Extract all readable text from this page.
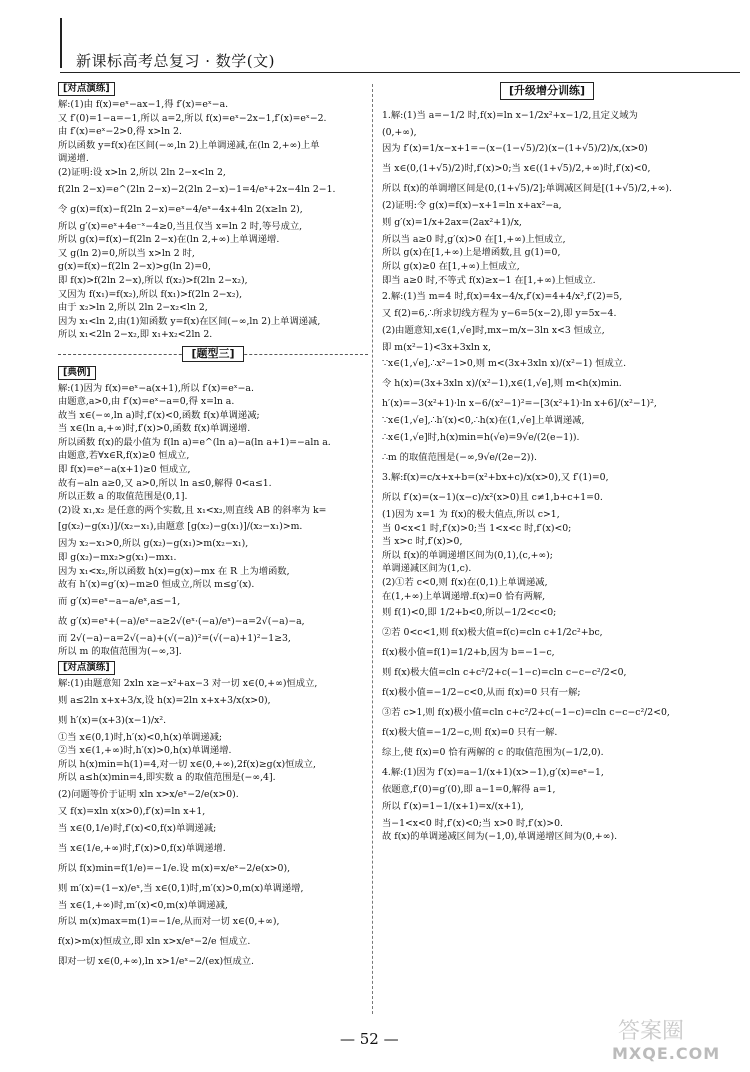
新课标高考总复习 · 数学(文)
[对点演练]
解:(1)由 f(x)=eˣ−ax−1,得 f′(x)=eˣ−a.
又 f′(0)=1−a=−1,所以 a=2,所以 f(x)=eˣ−2x−1,f′(x)=eˣ−2.
由 f′(x)=eˣ−2>0,得 x>ln 2.
所以函数 y=f(x)在区间(−∞,ln 2)上单调递减,在(ln 2,+∞)上单
调递增.
(2)证明:设 x>ln 2,所以 2ln 2−x<ln 2,
f(2ln 2−x)=e^(2ln 2−x)−2(2ln 2−x)−1=4/eˣ+2x−4ln 2−1.
令 g(x)=f(x)−f(2ln 2−x)=eˣ−4/eˣ−4x+4ln 2(x≥ln 2),
所以 g′(x)=eˣ+4e⁻ˣ−4≥0,当且仅当 x=ln 2 时,等号成立,
所以 g(x)=f(x)−f(2ln 2−x)在(ln 2,+∞)上单调递增.
又 g(ln 2)=0,所以当 x>ln 2 时,
g(x)=f(x)−f(2ln 2−x)>g(ln 2)=0,
即 f(x)>f(2ln 2−x),所以 f(x₂)>f(2ln 2−x₂),
又因为 f(x₁)=f(x₂),所以 f(x₁)>f(2ln 2−x₂),
由于 x₂>ln 2,所以 2ln 2−x₂<ln 2,
因为 x₁<ln 2,由(1)知函数 y=f(x)在区间(−∞,ln 2)上单调递减,
所以 x₁<2ln 2−x₂,即 x₁+x₂<2ln 2.
[题型三]
[典例]
解:(1)因为 f(x)=eˣ−a(x+1),所以 f′(x)=eˣ−a.
由题意,a>0,由 f′(x)=eˣ−a=0,得 x=ln a.
故当 x∈(−∞,ln a)时,f′(x)<0,函数 f(x)单调递减;
当 x∈(ln a,+∞)时,f′(x)>0,函数 f(x)单调递增.
所以函数 f(x)的最小值为 f(ln a)=e^(ln a)−a(ln a+1)=−aln a.
由题意,若∀x∈R,f(x)≥0 恒成立,
即 f(x)=eˣ−a(x+1)≥0 恒成立,
故有−aln a≥0,又 a>0,所以 ln a≤0,解得 0<a≤1.
所以正数 a 的取值范围是(0,1].
(2)设 x₁,x₂ 是任意的两个实数,且 x₁<x₂,则直线 AB 的斜率为 k=
[g(x₂)−g(x₁)]/(x₂−x₁),由题意 [g(x₂)−g(x₁)]/(x₂−x₁)>m.
因为 x₂−x₁>0,所以 g(x₂)−g(x₁)>m(x₂−x₁),
即 g(x₂)−mx₂>g(x₁)−mx₁.
因为 x₁<x₂,所以函数 h(x)=g(x)−mx 在 R 上为增函数,
故有 h′(x)=g′(x)−m≥0 恒成立,所以 m≤g′(x).
而 g′(x)=eˣ−a−a/eˣ,a≤−1,
故 g′(x)=eˣ+(−a)/eˣ−a≥2√(eˣ·(−a)/eˣ)−a=2√(−a)−a,
而 2√(−a)−a=2√(−a)+(√(−a))²=(√(−a)+1)²−1≥3,
所以 m 的取值范围为(−∞,3].
[对点演练]
解:(1)由题意知 2xln x≥−x²+ax−3 对一切 x∈(0,+∞)恒成立,
则 a≤2ln x+x+3/x,设 h(x)=2ln x+x+3/x(x>0),
则 h′(x)=(x+3)(x−1)/x².
①当 x∈(0,1)时,h′(x)<0,h(x)单调递减;
②当 x∈(1,+∞)时,h′(x)>0,h(x)单调递增.
所以 h(x)min=h(1)=4,对一切 x∈(0,+∞),2f(x)≥g(x)恒成立,
所以 a≤h(x)min=4,即实数 a 的取值范围是(−∞,4].
(2)问题等价于证明 xln x>x/eˣ−2/e(x>0).
又 f(x)=xln x(x>0),f′(x)=ln x+1,
当 x∈(0,1/e)时,f′(x)<0,f(x)单调递减;
当 x∈(1/e,+∞)时,f′(x)>0,f(x)单调递增.
所以 f(x)min=f(1/e)=−1/e.设 m(x)=x/eˣ−2/e(x>0),
则 m′(x)=(1−x)/eˣ,当 x∈(0,1)时,m′(x)>0,m(x)单调递增,
当 x∈(1,+∞)时,m′(x)<0,m(x)单调递减,
所以 m(x)max=m(1)=−1/e,从而对一切 x∈(0,+∞),
f(x)>m(x)恒成立,即 xln x>x/eˣ−2/e 恒成立.
即对一切 x∈(0,+∞),ln x>1/eˣ−2/(ex)恒成立.
[升级增分训练]
1.解:(1)当 a=−1/2 时,f(x)=ln x−1/2x²+x−1/2,且定义域为
(0,+∞),
因为 f′(x)=1/x−x+1=−(x−(1−√5)/2)(x−(1+√5)/2)/x,(x>0)
当 x∈(0,(1+√5)/2)时,f′(x)>0;当 x∈((1+√5)/2,+∞)时,f′(x)<0,
所以 f(x)的单调增区间是(0,(1+√5)/2];单调减区间是[(1+√5)/2,+∞).
(2)证明:令 g(x)=f(x)−x+1=ln x+ax²−a,
则 g′(x)=1/x+2ax=(2ax²+1)/x,
所以当 a≥0 时,g′(x)>0 在[1,+∞)上恒成立,
所以 g(x)在[1,+∞)上是增函数,且 g(1)=0,
所以 g(x)≥0 在[1,+∞)上恒成立,
即当 a≥0 时,不等式 f(x)≥x−1 在[1,+∞)上恒成立.
2.解:(1)当 m=4 时,f(x)=4x−4/x,f′(x)=4+4/x²,f′(2)=5,
又 f(2)=6,∴所求切线方程为 y−6=5(x−2),即 y=5x−4.
(2)由题意知,x∈(1,√e]时,mx−m/x−3ln x<3 恒成立,
即 m(x²−1)<3x+3xln x,
∵x∈(1,√e],∴x²−1>0,则 m<(3x+3xln x)/(x²−1) 恒成立.
令 h(x)=(3x+3xln x)/(x²−1),x∈(1,√e],则 m<h(x)min.
h′(x)=−3(x²+1)·ln x−6/(x²−1)²=−[3(x²+1)·ln x+6]/(x²−1)²,
∵x∈(1,√e],∴h′(x)<0,∴h(x)在(1,√e]上单调递减,
∴x∈(1,√e]时,h(x)min=h(√e)=9√e/(2(e−1)).
∴m 的取值范围是(−∞,9√e/(2e−2)).
3.解:f(x)=c/x+x+b=(x²+bx+c)/x(x>0),又 f′(1)=0,
所以 f′(x)=(x−1)(x−c)/x²(x>0)且 c≠1,b+c+1=0.
(1)因为 x=1 为 f(x)的极大值点,所以 c>1,
当 0<x<1 时,f′(x)>0;当 1<x<c 时,f′(x)<0;
当 x>c 时,f′(x)>0,
所以 f(x)的单调递增区间为(0,1),(c,+∞);
单调递减区间为(1,c).
(2)①若 c<0,则 f(x)在(0,1)上单调递减,
在(1,+∞)上单调递增.f(x)=0 恰有两解,
则 f(1)<0,即 1/2+b<0,所以−1/2<c<0;
②若 0<c<1,则 f(x)极大值=f(c)=cln c+1/2c²+bc,
f(x)极小值=f(1)=1/2+b,因为 b=−1−c,
则 f(x)极大值=cln c+c²/2+c(−1−c)=cln c−c−c²/2<0,
f(x)极小值=−1/2−c<0,从而 f(x)=0 只有一解;
③若 c>1,则 f(x)极小值=cln c+c²/2+c(−1−c)=cln c−c−c²/2<0,
f(x)极大值=−1/2−c,则 f(x)=0 只有一解.
综上,使 f(x)=0 恰有两解的 c 的取值范围为(−1/2,0).
4.解:(1)因为 f′(x)=a−1/(x+1)(x>−1),g′(x)=eˣ−1,
依题意,f′(0)=g′(0),即 a−1=0,解得 a=1,
所以 f′(x)=1−1/(x+1)=x/(x+1),
当−1<x<0 时,f′(x)<0;当 x>0 时,f′(x)>0.
故 f(x)的单调递减区间为(−1,0),单调递增区间为(0,+∞).
— 52 —	答案圈
MXQE.COM
